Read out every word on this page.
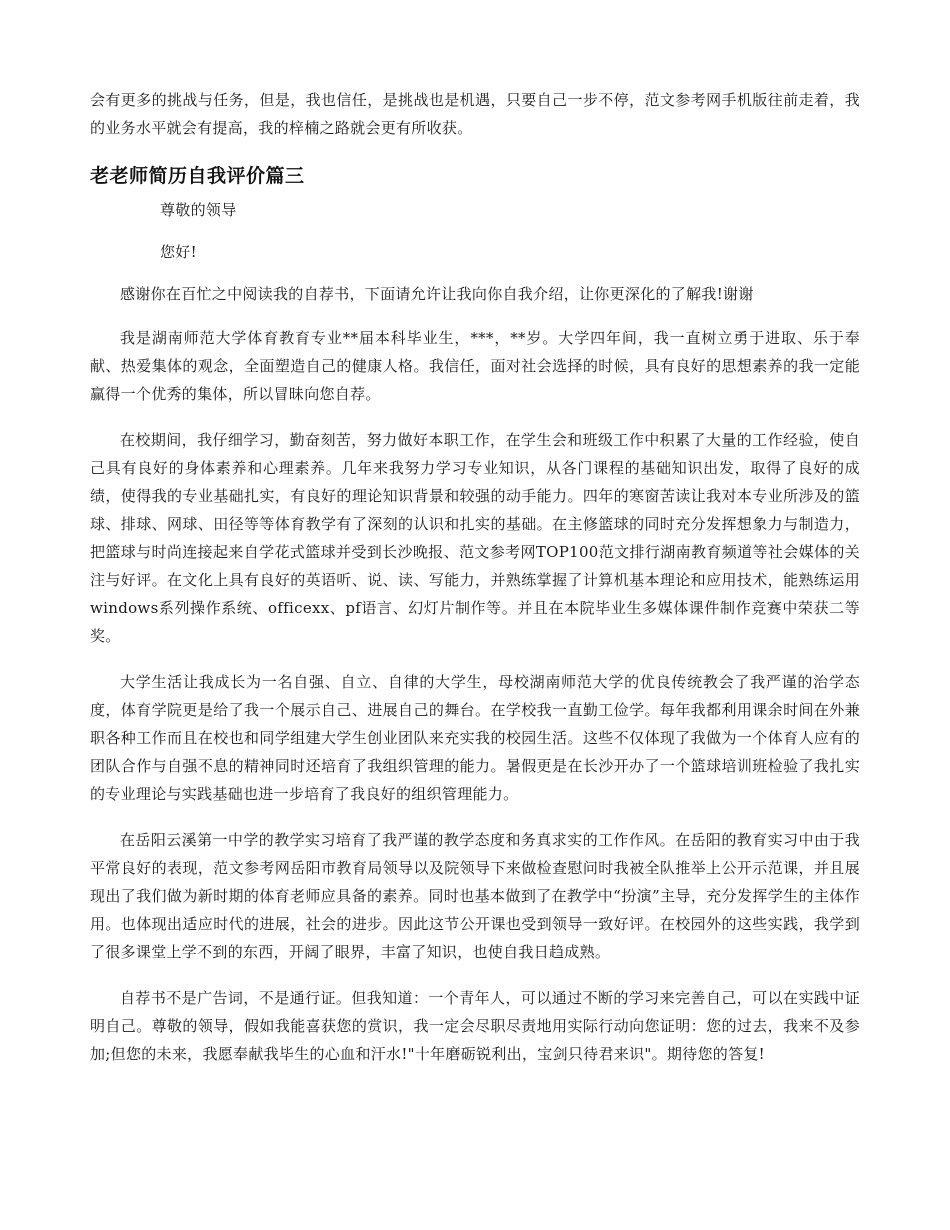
会有更多的挑战与任务，但是，我也信任，是挑战也是机遇，只要自己一步不停，范文参考网手机版往前走着，我的业务水平就会有提高，我的梓楠之路就会更有所收获。

老老师简历自我评价篇三

尊敬的领导

您好!

感谢你在百忙之中阅读我的自荐书，下面请允许让我向你自我介绍，让你更深化的了解我!谢谢

我是湖南师范大学体育教育专业**届本科毕业生，***，**岁。大学四年间，我一直树立勇于进取、乐于奉献、热爱集体的观念，全面塑造自己的健康人格。我信任，面对社会选择的时候，具有良好的思想素养的我一定能赢得一个优秀的集体，所以冒昧向您自荐。

在校期间，我仔细学习，勤奋刻苦，努力做好本职工作，在学生会和班级工作中积累了大量的工作经验，使自己具有良好的身体素养和心理素养。几年来我努力学习专业知识，从各门课程的基础知识出发，取得了良好的成绩，使得我的专业基础扎实，有良好的理论知识背景和较强的动手能力。四年的寒窗苦读让我对本专业所涉及的篮球、排球、网球、田径等等体育教学有了深刻的认识和扎实的基础。在主修篮球的同时充分发挥想象力与制造力，把篮球与时尚连接起来自学花式篮球并受到长沙晚报、范文参考网TOP100范文排行湖南教育频道等社会媒体的关注与好评。在文化上具有良好的英语听、说、读、写能力，并熟练掌握了计算机基本理论和应用技术，能熟练运用windows系列操作系统、officexx、pf语言、幻灯片制作等。并且在本院毕业生多媒体课件制作竞赛中荣获二等奖。

大学生活让我成长为一名自强、自立、自律的大学生，母校湖南师范大学的优良传统教会了我严谨的治学态度，体育学院更是给了我一个展示自己、进展自己的舞台。在学校我一直勤工俭学。每年我都利用课余时间在外兼职各种工作而且在校也和同学组建大学生创业团队来充实我的校园生活。这些不仅体现了我做为一个体育人应有的团队合作与自强不息的精神同时还培育了我组织管理的能力。暑假更是在长沙开办了一个篮球培训班检验了我扎实的专业理论与实践基础也进一步培育了我良好的组织管理能力。

在岳阳云溪第一中学的教学实习培育了我严谨的教学态度和务真求实的工作作风。在岳阳的教育实习中由于我平常良好的表现，范文参考网岳阳市教育局领导以及院领导下来做检查慰问时我被全队推举上公开示范课，并且展现出了我们做为新时期的体育老师应具备的素养。同时也基本做到了在教学中“扮演”主导，充分发挥学生的主体作用。也体现出适应时代的进展，社会的进步。因此这节公开课也受到领导一致好评。在校园外的这些实践，我学到了很多课堂上学不到的东西，开阔了眼界，丰富了知识，也使自我日趋成熟。

自荐书不是广告词，不是通行证。但我知道：一个青年人，可以通过不断的学习来完善自己，可以在实践中证明自己。尊敬的领导，假如我能喜获您的赏识，我一定会尽职尽责地用实际行动向您证明：您的过去，我来不及参加;但您的未来，我愿奉献我毕生的心血和汗水!"十年磨砺锐利出，宝剑只待君来识"。期待您的答复!
